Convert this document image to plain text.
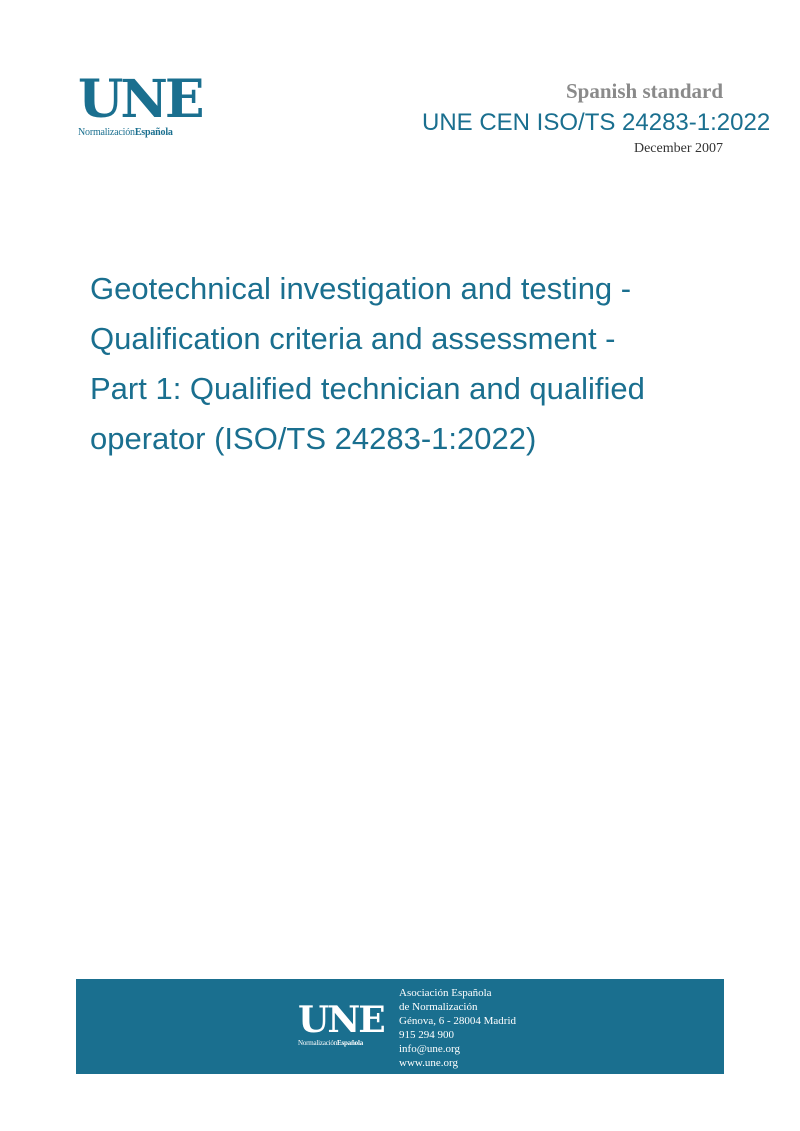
UNE
NormalizaciónEspañola
Spanish standard
UNE CEN ISO/TS 24283-1:2022
December 2007
Geotechnical investigation and testing -
Qualification criteria and assessment -
Part 1: Qualified technician and qualified
operator (ISO/TS 24283-1:2022)
UNE
NormalizaciónEspañola
Asociación Española
de Normalización
Génova, 6 - 28004 Madrid
915 294 900
info@une.org
www.une.org
